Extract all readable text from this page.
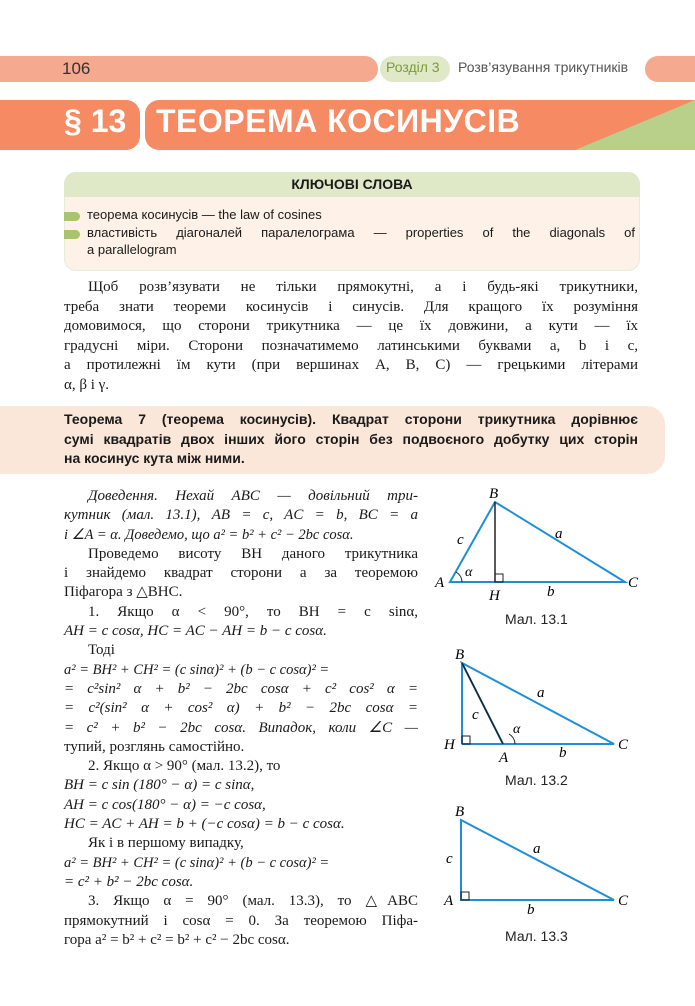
106	Розділ 3 Розв’язування трикутників
§ 13 ТЕОРЕМА КОСИНУСІВ
КЛЮЧОВІ СЛОВА
теорема косинусів — the law of cosines
властивість діагоналей паралелограма — properties of the diagonals of
a parallelogram
Щоб розв’язувати не тільки прямокутні, а і будь-які трикутники,
треба знати теореми косинусів і синусів. Для кращого їх розуміння
домовимося, що сторони трикутника — це їх довжини, а кути — їх
градусні міри. Сторони позначатимемо латинськими буквами a, b і c,
а протилежні їм кути (при вершинах A, B, C) — грецькими літерами
α, β і γ.
Теорема 7 (теорема косинусів). Квадрат сторони трикутника дорівнює
сумі квадратів двох інших його сторін без подвоєного добутку цих сторін
на косинус кута між ними.
Доведення. Нехай ABC — довільний три-
кутник (мал. 13.1), AB = c, AC = b, BC = a
і ∠A = α. Доведемо, що a² = b² + c² − 2bc cosα.
Проведемо висоту BH даного трикутника
і знайдемо квадрат сторони a за теоремою
Піфагора з △BHC.
1. Якщо α < 90°, то BH = c sinα,
AH = c cosα, HC = AC − AH = b − c cosα.
Тоді
a² = BH² + CH² = (c sinα)² + (b − c cosα)² =
= c²sin² α + b² − 2bc cosα + c² cos² α =
= c²(sin² α + cos² α) + b² − 2bc cosα =
= c² + b² − 2bc cosα. Випадок, коли ∠C —
тупий, розглянь самостійно.
2. Якщо α > 90° (мал. 13.2), то
BH = c sin (180° − α) = c sinα,
AH = c cos(180° − α) = −c cosα,
HC = AC + AH = b + (−c cosα) = b − c cosα.
Як і в першому випадку,
a² = BH² + CH² = (c sinα)² + (b − c cosα)² =
= c² + b² − 2bc cosα.
3. Якщо α = 90° (мал. 13.3), то △ABC
прямокутний і cosα = 0. За теоремою Піфа-
гора a² = b² + c² = b² + c² − 2bc cosα.
B
A	C
H
a
b
c
α
Мал. 13.1
B
H
A
C
a
b
c
α
Мал. 13.2
B
A	C
a
b
c
Мал. 13.3
